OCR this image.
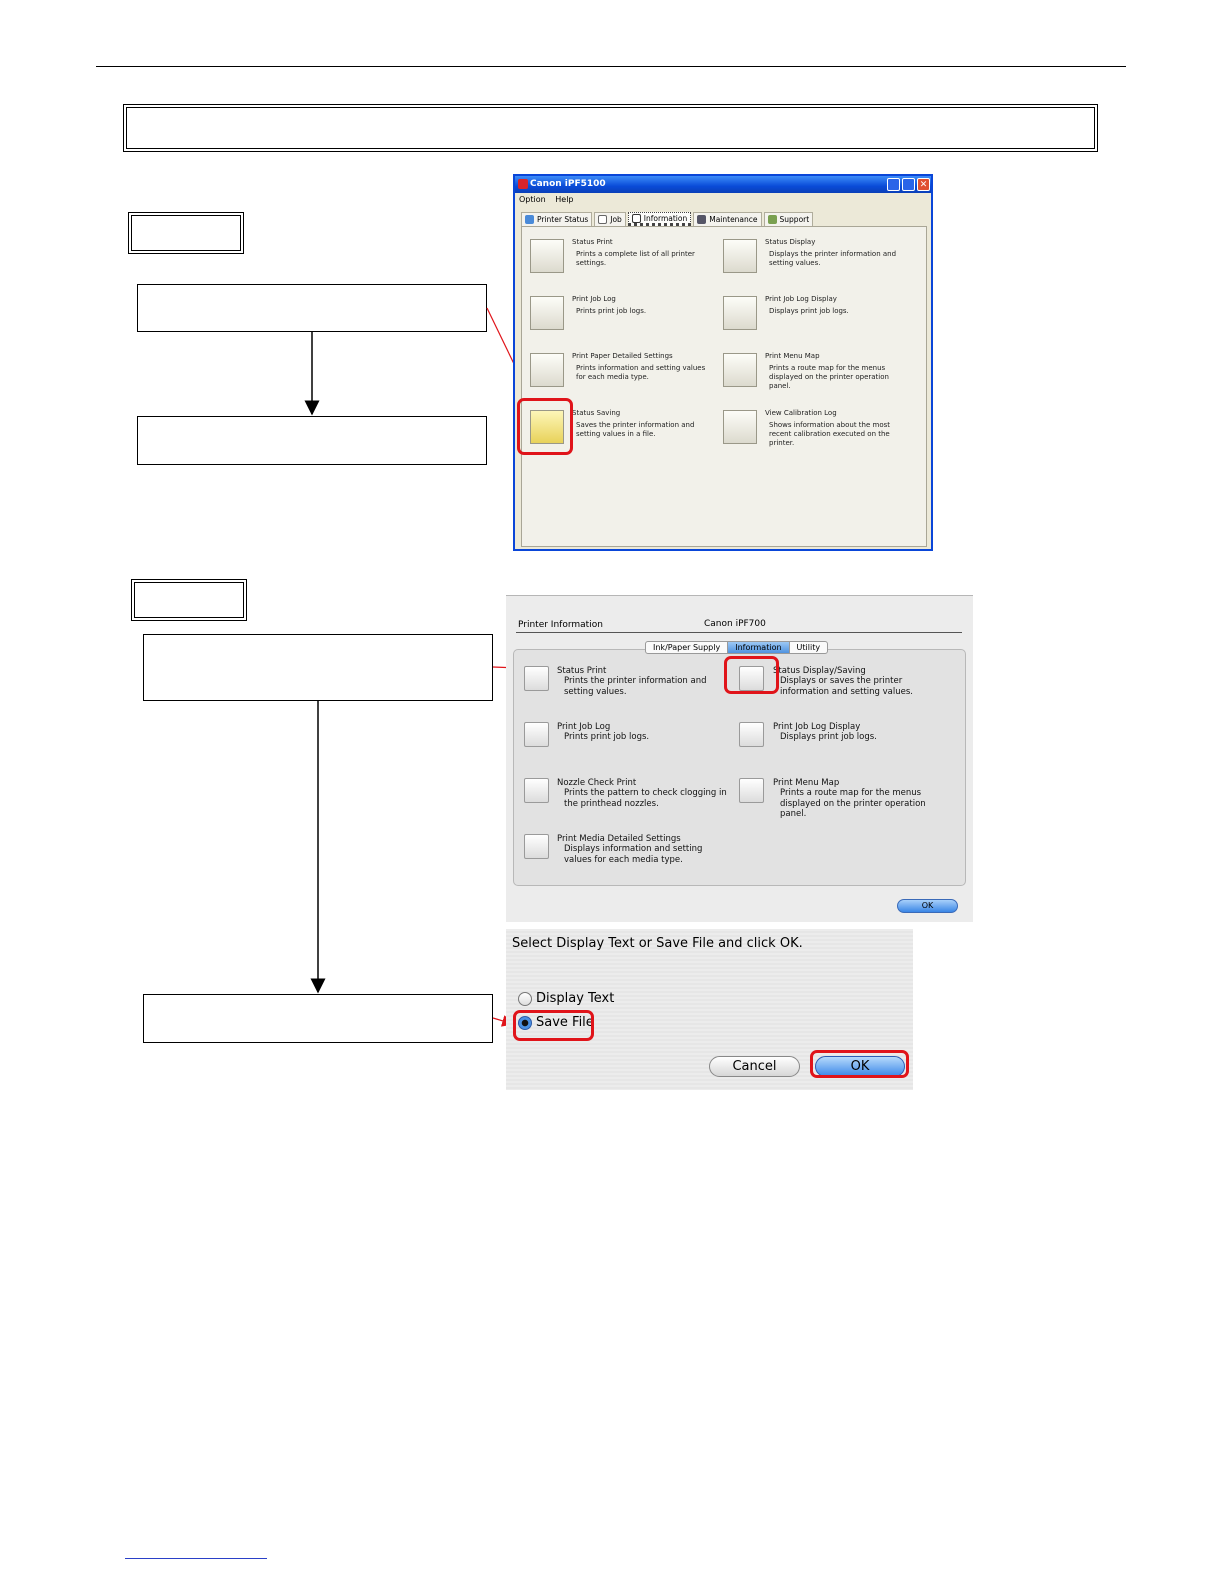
Canon iPF5100	✕
Option Help
Printer Status	Job	Information	Maintenance	Support
Status Print
Prints a complete list of all printer settings.
Status Display
Displays the printer information and setting values.
Print Job Log
Prints print job logs.
Print Job Log Display
Displays print job logs.
Print Paper Detailed Settings
Prints information and setting values for each media type.
Print Menu Map
Prints a route map for the menus displayed on the printer operation panel.
Status Saving
Saves the printer information and setting values in a file.
View Calibration Log
Shows information about the most recent calibration executed on the printer.
Printer Information	Canon iPF700
Status Print
Prints the printer information and
setting values.
Print Job Log
Prints print job logs.
Nozzle Check Print
Prints the pattern to check clogging in
the printhead nozzles.
Print Media Detailed Settings
Displays information and setting
values for each media type.
Status Display/Saving
Displays or saves the printer
information and setting values.
Print Job Log Display
Displays print job logs.
Print Menu Map
Prints a route map for the menus
displayed on the printer operation
panel.
Ink/Paper Supply	Information	Utility
OK
Select Display Text or Save File and click OK.
Display Text
Save File
Cancel	OK
